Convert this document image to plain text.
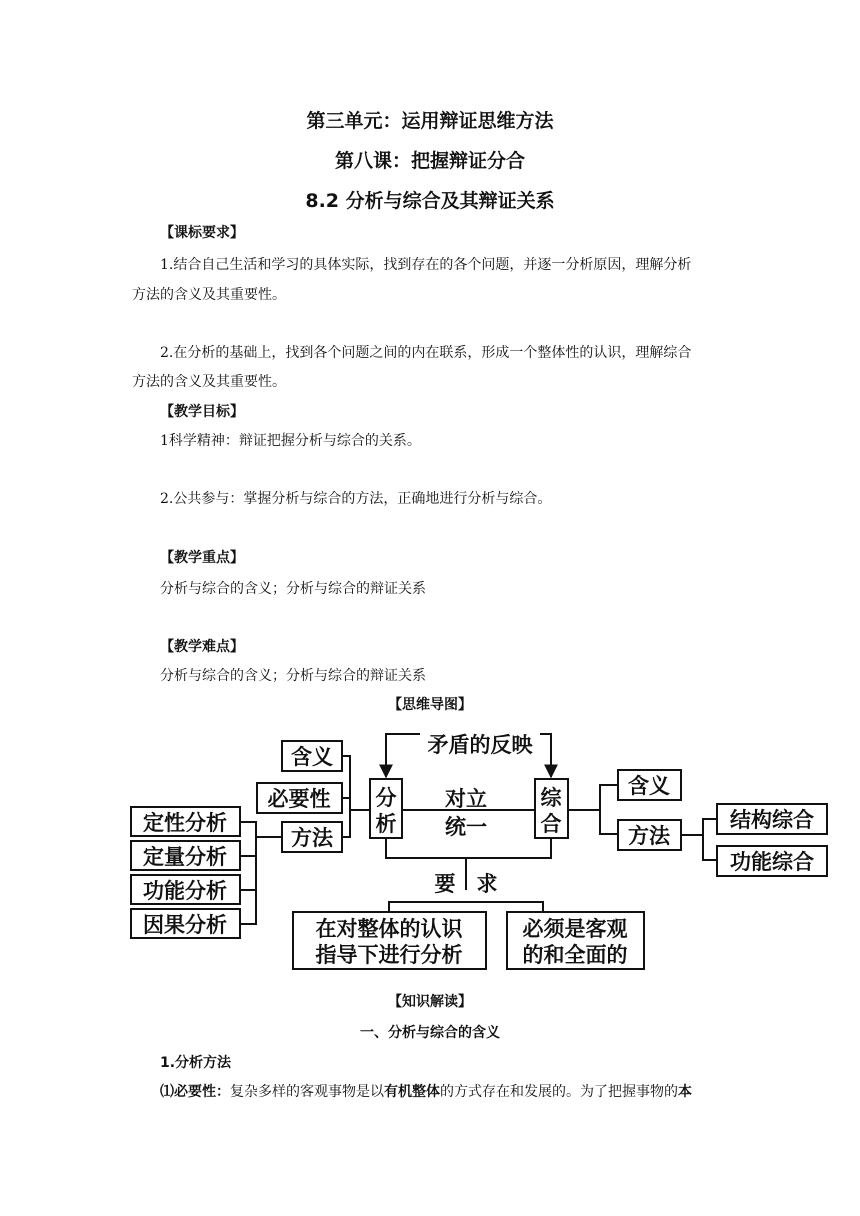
第三单元：运用辩证思维方法
第八课：把握辩证分合
8.2 分析与综合及其辩证关系
【课标要求】
1.结合自己生活和学习的具体实际，找到存在的各个问题，并逐一分析原因，理解分析
方法的含义及其重要性。
2.在分析的基础上，找到各个问题之间的内在联系，形成一个整体性的认识，理解综合
方法的含义及其重要性。
【教学目标】
1科学精神：辩证把握分析与综合的关系。
2.公共参与：掌握分析与综合的方法，正确地进行分析与综合。
【教学重点】
分析与综合的含义；分析与综合的辩证关系
【教学难点】
分析与综合的含义；分析与综合的辩证关系
【思维导图】
矛盾的反映
含义
必要性
方法
分
析
对立
统一
综
合
含义
方法
定性分析
定量分析
功能分析
因果分析
结构综合
功能综合
要　求
在对整体的认识
指导下进行分析
必须是客观
的和全面的
【知识解读】
一、分析与综合的含义
1.分析方法
⑴必要性：复杂多样的客观事物是以有机整体的方式存在和发展的。为了把握事物的本
